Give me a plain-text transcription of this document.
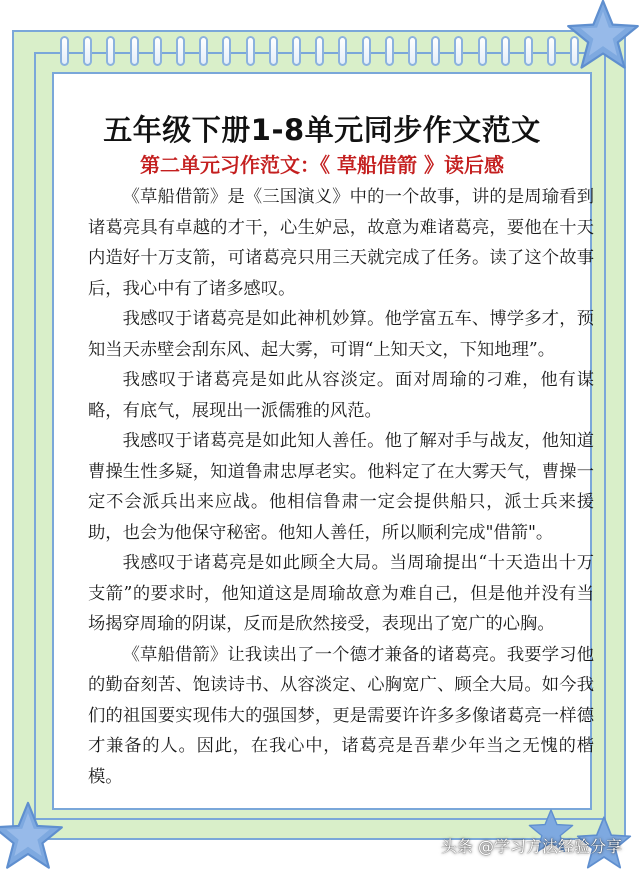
五年级下册1-8单元同步作文范文
第二单元习作范文：《 草船借箭 》读后感

《草船借箭》是《三国演义》中的一个故事，讲的是周瑜看到诸葛亮具有卓越的才干，心生妒忌，故意为难诸葛亮，要他在十天内造好十万支箭，可诸葛亮只用三天就完成了任务。读了这个故事后，我心中有了诸多感叹。

我感叹于诸葛亮是如此神机妙算。他学富五车、博学多才，预知当天赤壁会刮东风、起大雾，可谓“上知天文，下知地理”。

我感叹于诸葛亮是如此从容淡定。面对周瑜的刁难，他有谋略，有底气，展现出一派儒雅的风范。

我感叹于诸葛亮是如此知人善任。他了解对手与战友，他知道曹操生性多疑，知道鲁肃忠厚老实。他料定了在大雾天气，曹操一定不会派兵出来应战。他相信鲁肃一定会提供船只，派士兵来援助，也会为他保守秘密。他知人善任，所以顺利完成"借箭"。

我感叹于诸葛亮是如此顾全大局。当周瑜提出“十天造出十万支箭”的要求时，他知道这是周瑜故意为难自己，但是他并没有当场揭穿周瑜的阴谋，反而是欣然接受，表现出了宽广的心胸。

《草船借箭》让我读出了一个德才兼备的诸葛亮。我要学习他的勤奋刻苦、饱读诗书、从容淡定、心胸宽广、顾全大局。如今我们的祖国要实现伟大的强国梦，更是需要许许多多像诸葛亮一样德才兼备的人。因此，在我心中，诸葛亮是吾辈少年当之无愧的楷模。

头条 @学习方法经验分享
